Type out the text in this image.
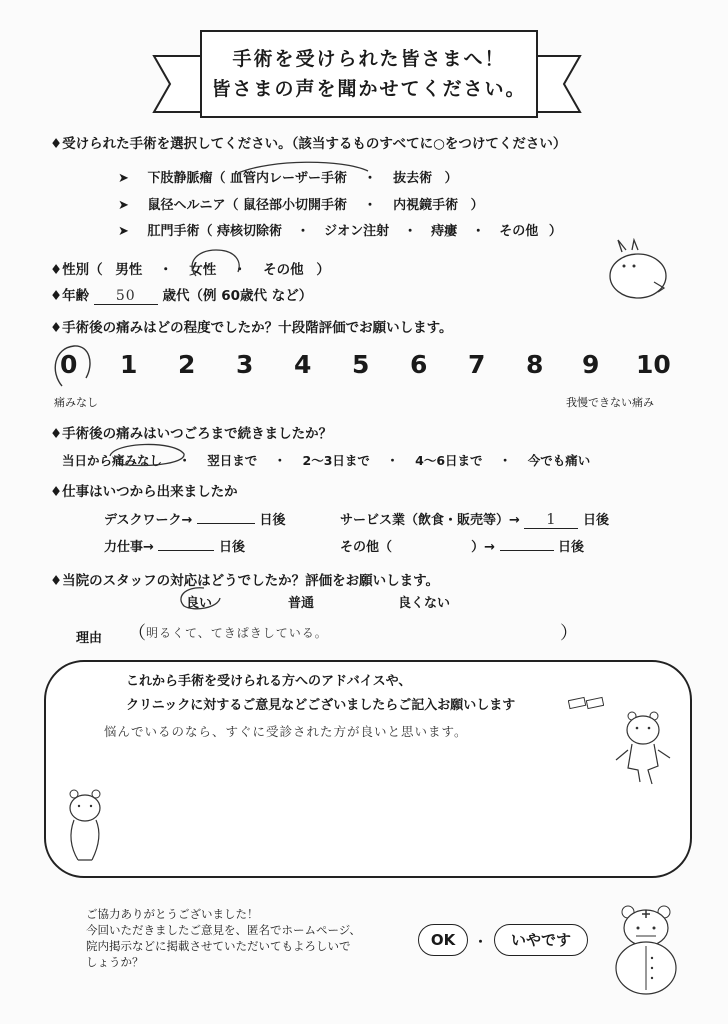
手術を受けられた皆さまへ！
皆さまの声を聞かせてください。
♦受けられた手術を選択してください。（該当するものすべてに○をつけてください）
➤ 下肢静脈瘤（ 血管内レーザー手術 ・ 抜去術 ）
➤ 鼠径ヘルニア（ 鼠径部小切開手術 ・ 内視鏡手術 ）
➤ 肛門手術（ 痔核切除術 ・ ジオン注射 ・ 痔瘻 ・ その他 ）
♦性別（ 男性 ・ 女性 ・ その他 ）
♦年齢 50 歳代（例 60歳代 など）
♦手術後の痛みはどの程度でしたか？十段階評価でお願いします。
0 1 2 3 4 5 6 7 8 9 10
痛みなし	我慢できない痛み
♦手術後の痛みはいつごろまで続きましたか？
当日から痛みなし ・ 翌日まで ・ 2～3日まで ・ 4～6日まで ・ 今でも痛い
♦仕事はいつから出来ましたか
デスクワーク→	日後	サービス業（飲食・販売等）→ 1 日後
力仕事→	日後	その他（	）→	日後
♦当院のスタッフの対応はどうでしたか？評価をお願いします。
良い	普通	良くない
理由 （ 明るくて、てきぱきしている。	）
これから手術を受けられる方へのアドバイスや、
クリニックに対するご意見などございましたらご記入お願いします
悩んでいるのなら、すぐに受診された方が良いと思います。
ご協力ありがとうございました！
今回いただきましたご意見を、匿名でホームページ、
院内掲示などに掲載させていただいてもよろしいで
しょうか？
OK	・	いやです
